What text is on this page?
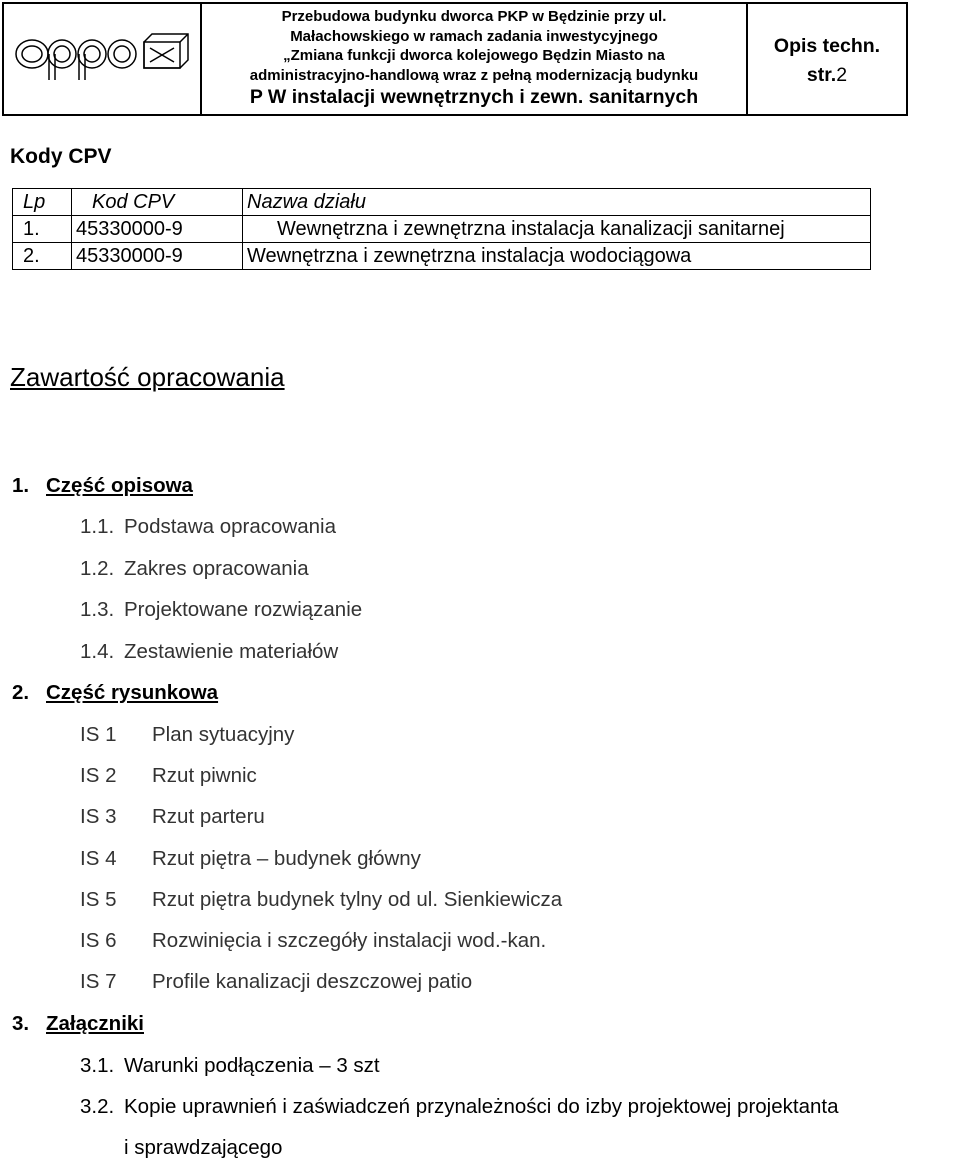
Przebudowa budynku dworca PKP w Będzinie przy ul.
Małachowskiego w ramach zadania inwestycyjnego
„Zmiana funkcji dworca kolejowego Będzin Miasto na
administracyjno-handlową wraz z pełną modernizacją budynku
P W instalacji wewnętrznych i zewn. sanitarnych
Opis techn.
str.2
Kody CPV
Lp	Kod CPV	Nazwa działu
1.	45330000-9	Wewnętrzna i zewnętrzna instalacja kanalizacji sanitarnej
2.	45330000-9	Wewnętrzna i zewnętrzna instalacja wodociągowa
Zawartość opracowania
1. Część opisowa
1.1. Podstawa opracowania
1.2. Zakres opracowania
1.3. Projektowane rozwiązanie
1.4. Zestawienie materiałów
2. Część rysunkowa
IS 1 Plan sytuacyjny
IS 2 Rzut piwnic
IS 3 Rzut parteru
IS 4 Rzut piętra – budynek główny
IS 5 Rzut piętra budynek tylny od ul. Sienkiewicza
IS 6 Rozwinięcia i szczegóły instalacji wod.-kan.
IS 7 Profile kanalizacji deszczowej patio
3. Załączniki
3.1. Warunki podłączenia – 3 szt
3.2. Kopie uprawnień i zaświadczeń przynależności do izby projektowej projektanta
i sprawdzającego
